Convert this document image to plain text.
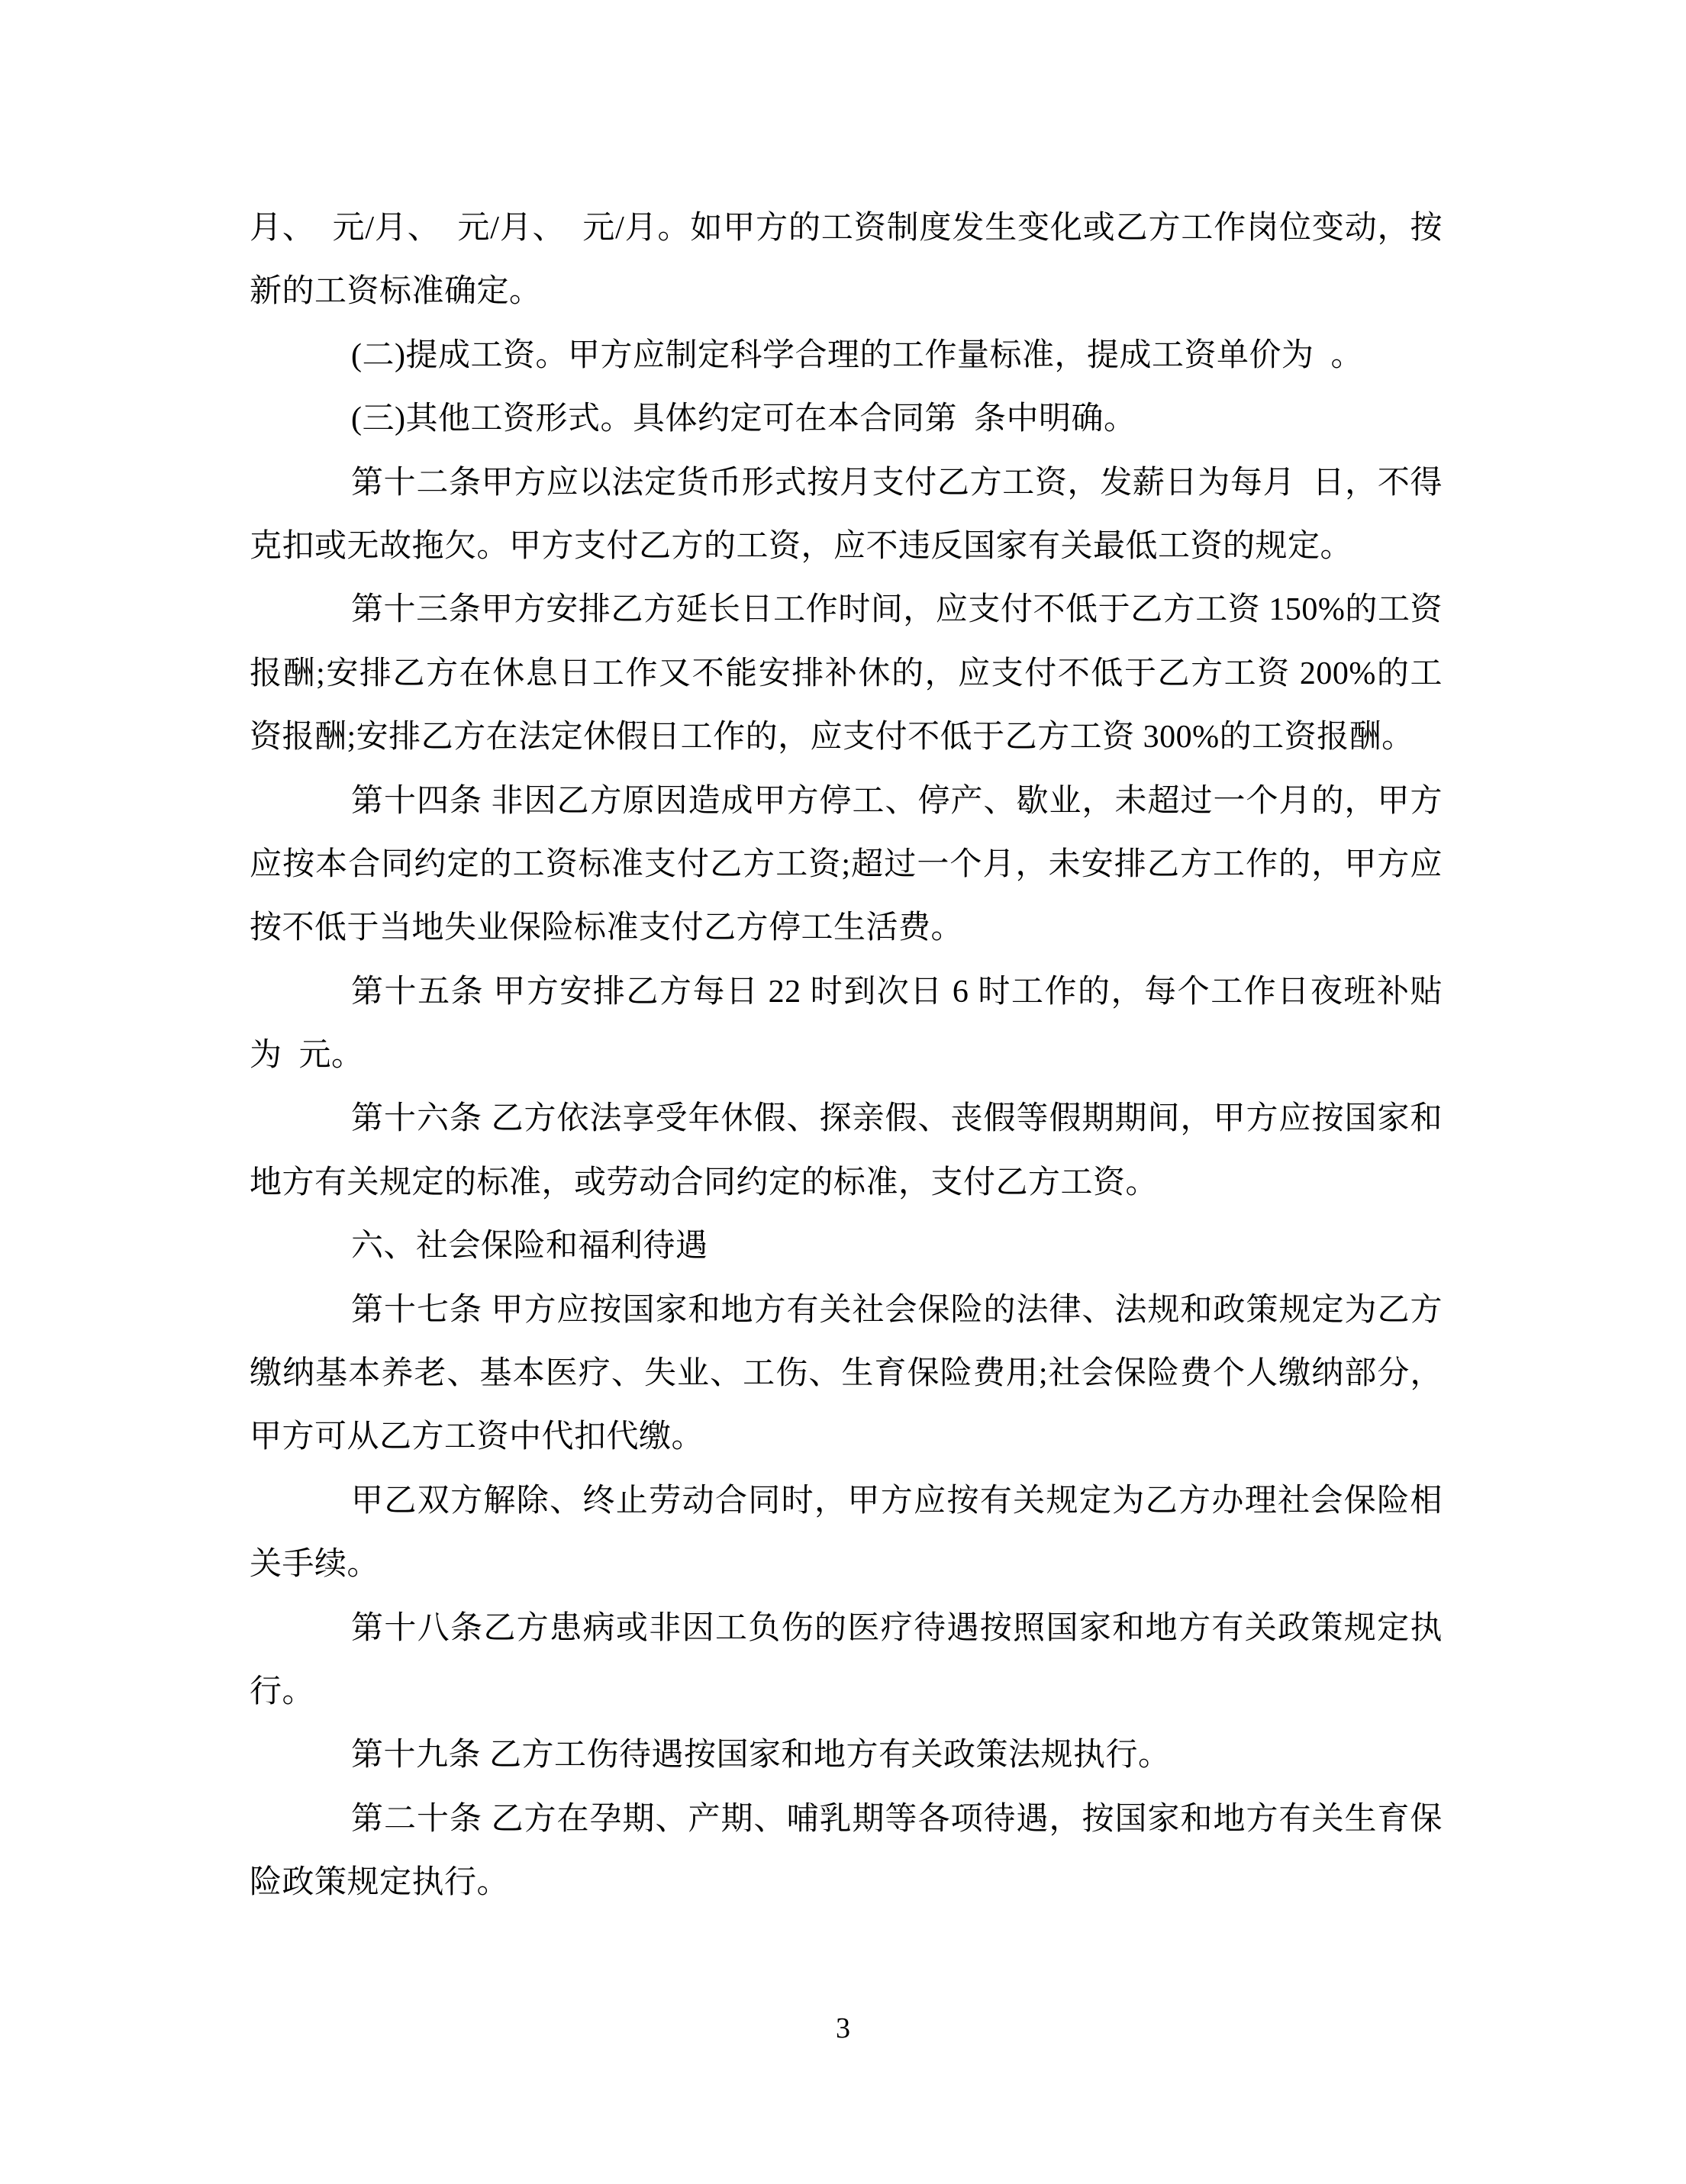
月、  元/月、  元/月、  元/月。如甲方的工资制度发生变化或乙方工作岗位变动，按
新的工资标准确定。
(二)提成工资。甲方应制定科学合理的工作量标准，提成工资单价为  。
(三)其他工资形式。具体约定可在本合同第  条中明确。
第十二条甲方应以法定货币形式按月支付乙方工资，发薪日为每月  日，不得
克扣或无故拖欠。甲方支付乙方的工资，应不违反国家有关最低工资的规定。
第十三条甲方安排乙方延长日工作时间，应支付不低于乙方工资 150%的工资
报酬;安排乙方在休息日工作又不能安排补休的，应支付不低于乙方工资 200%的工
资报酬;安排乙方在法定休假日工作的，应支付不低于乙方工资 300%的工资报酬。
第十四条 非因乙方原因造成甲方停工、停产、歇业，未超过一个月的，甲方
应按本合同约定的工资标准支付乙方工资;超过一个月，未安排乙方工作的，甲方应
按不低于当地失业保险标准支付乙方停工生活费。
第十五条 甲方安排乙方每日 22 时到次日 6 时工作的，每个工作日夜班补贴
为  元。
第十六条 乙方依法享受年休假、探亲假、丧假等假期期间，甲方应按国家和
地方有关规定的标准，或劳动合同约定的标准，支付乙方工资。
六、社会保险和福利待遇
第十七条 甲方应按国家和地方有关社会保险的法律、法规和政策规定为乙方
缴纳基本养老、基本医疗、失业、工伤、生育保险费用;社会保险费个人缴纳部分，
甲方可从乙方工资中代扣代缴。
甲乙双方解除、终止劳动合同时，甲方应按有关规定为乙方办理社会保险相
关手续。
第十八条乙方患病或非因工负伤的医疗待遇按照国家和地方有关政策规定执
行。
第十九条 乙方工伤待遇按国家和地方有关政策法规执行。
第二十条 乙方在孕期、产期、哺乳期等各项待遇，按国家和地方有关生育保
险政策规定执行。
3
